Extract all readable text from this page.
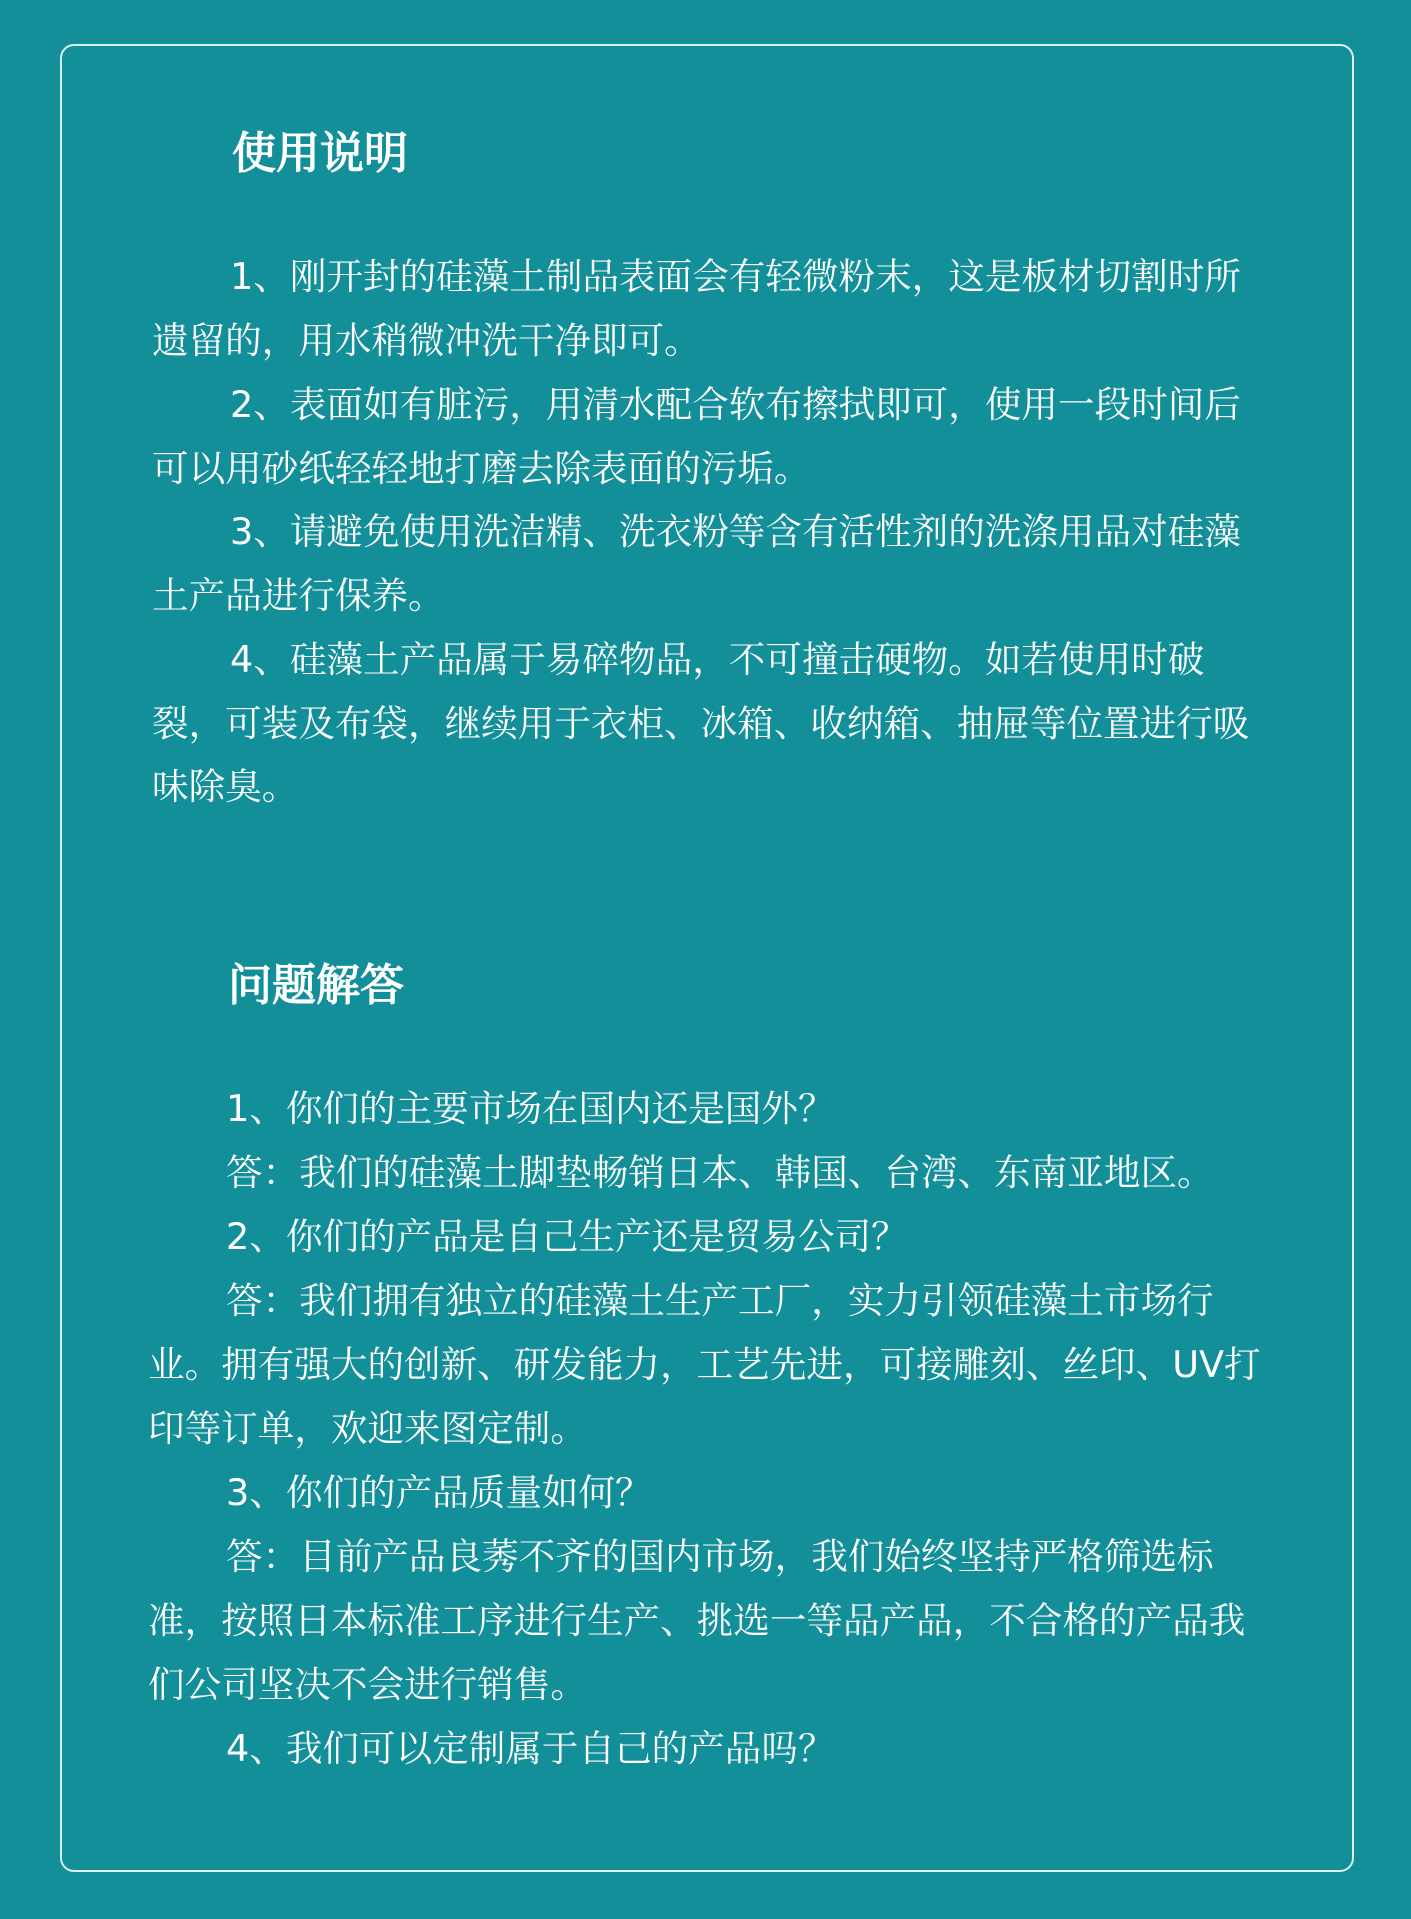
使用说明

1、刚开封的硅藻土制品表面会有轻微粉末，这是板材切割时所遗留的，用水稍微冲洗干净即可。

2、表面如有脏污，用清水配合软布擦拭即可，使用一段时间后可以用砂纸轻轻地打磨去除表面的污垢。

3、请避免使用洗洁精、洗衣粉等含有活性剂的洗涤用品对硅藻土产品进行保养。

4、硅藻土产品属于易碎物品，不可撞击硬物。如若使用时破裂，可装及布袋，继续用于衣柜、冰箱、收纳箱、抽屉等位置进行吸味除臭。

问题解答

1、你们的主要市场在国内还是国外？

答：我们的硅藻土脚垫畅销日本、韩国、台湾、东南亚地区。

2、你们的产品是自己生产还是贸易公司？

答：我们拥有独立的硅藻土生产工厂，实力引领硅藻土市场行业。拥有强大的创新、研发能力，工艺先进，可接雕刻、丝印、UV打印等订单，欢迎来图定制。

3、你们的产品质量如何？

答：目前产品良莠不齐的国内市场，我们始终坚持严格筛选标准，按照日本标准工序进行生产、挑选一等品产品，不合格的产品我们公司坚决不会进行销售。

4、我们可以定制属于自己的产品吗？
